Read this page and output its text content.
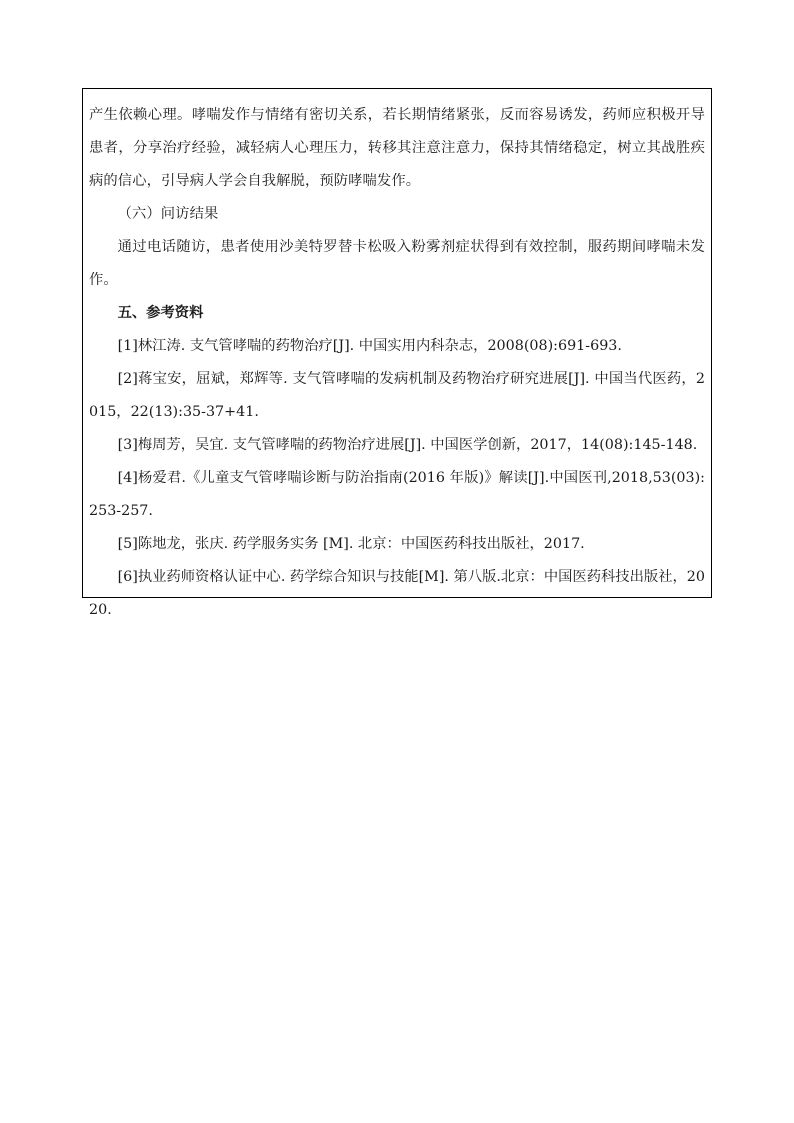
产生依赖心理。哮喘发作与情绪有密切关系，若长期情绪紧张，反而容易诱发，药师应积极开导患者，分享治疗经验，减轻病人心理压力，转移其注意注意力，保持其情绪稳定，树立其战胜疾病的信心，引导病人学会自我解脱，预防哮喘发作。

（六）问访结果

通过电话随访，患者使用沙美特罗替卡松吸入粉雾剂症状得到有效控制，服药期间哮喘未发作。

五、参考资料

[1]林江涛. 支气管哮喘的药物治疗[J]. 中国实用内科杂志，2008(08):691-693.

[2]蒋宝安，屈斌，郑辉等. 支气管哮喘的发病机制及药物治疗研究进展[J]. 中国当代医药，2015，22(13):35-37+41.

[3]梅周芳，吴宜. 支气管哮喘的药物治疗进展[J]. 中国医学创新，2017，14(08):145-148.

[4]杨爱君.《儿童支气管哮喘诊断与防治指南(2016 年版)》解读[J].中国医刊,2018,53(03):253-257.

[5]陈地龙，张庆. 药学服务实务 [M]. 北京：中国医药科技出版社，2017.

[6]执业药师资格认证中心. 药学综合知识与技能[M]. 第八版.北京：中国医药科技出版社，2020.
